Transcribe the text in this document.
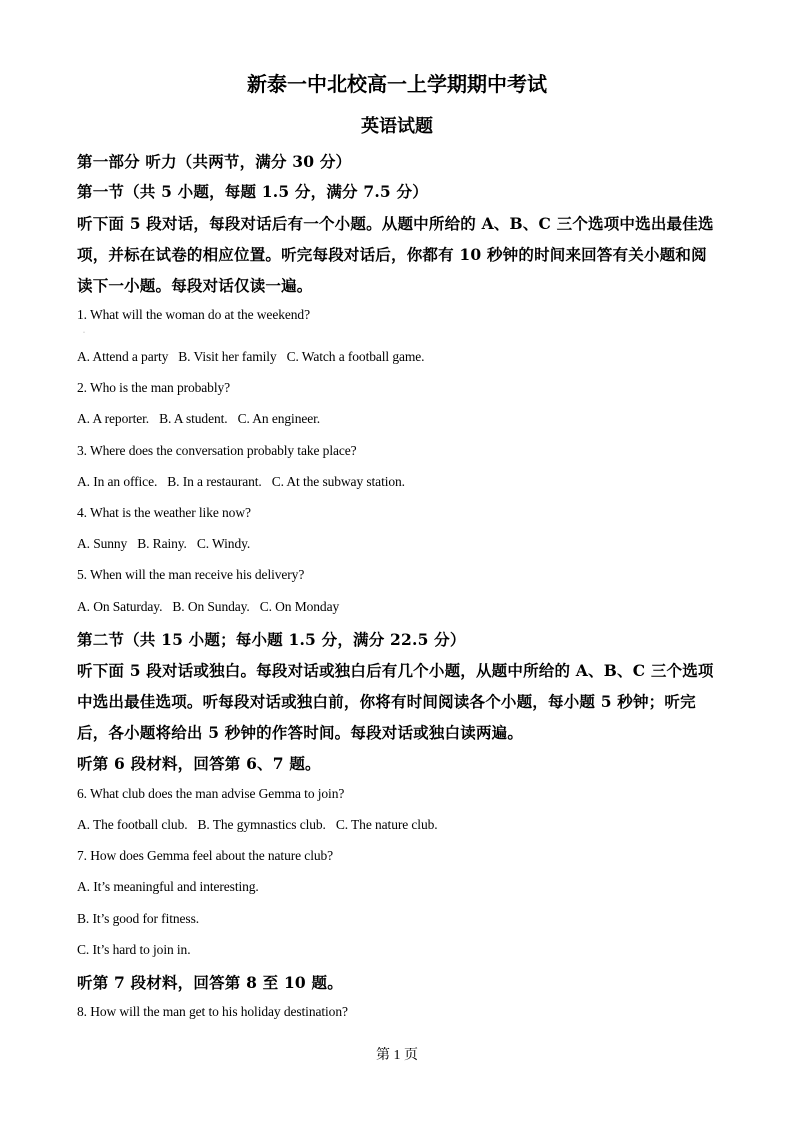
新泰一中北校高一上学期期中考试
英语试题
第一部分 听力（共两节，满分 30 分）
第一节（共 5 小题，每题 1.5 分，满分 7.5 分）
听下面 5 段对话，每段对话后有一个小题。从题中所给的 A、B、C 三个选项中选出最佳选
项，并标在试卷的相应位置。听完每段对话后，你都有 10 秒钟的时间来回答有关小题和阅
读下一小题。每段对话仅读一遍。
1. What will the woman do at the weekend?
·
A. Attend a party B. Visit her family C. Watch a football game.
2. Who is the man probably?
A. A reporter. B. A student. C. An engineer.
3. Where does the conversation probably take place?
A. In an office. B. In a restaurant. C. At the subway station.
4. What is the weather like now?
A. Sunny B. Rainy. C. Windy.
5. When will the man receive his delivery?
A. On Saturday. B. On Sunday. C. On Monday
第二节（共 15 小题；每小题 1.5 分，满分 22.5 分）
听下面 5 段对话或独白。每段对话或独白后有几个小题，从题中所给的 A、B、C 三个选项
中选出最佳选项。听每段对话或独白前，你将有时间阅读各个小题，每小题 5 秒钟；听完
后，各小题将给出 5 秒钟的作答时间。每段对话或独白读两遍。
听第 6 段材料，回答第 6、7 题。
6. What club does the man advise Gemma to join?
A. The football club. B. The gymnastics club. C. The nature club.
7. How does Gemma feel about the nature club?
A. It’s meaningful and interesting.
B. It’s good for fitness.
C. It’s hard to join in.
听第 7 段材料，回答第 8 至 10 题。
8. How will the man get to his holiday destination?
第 1 页
